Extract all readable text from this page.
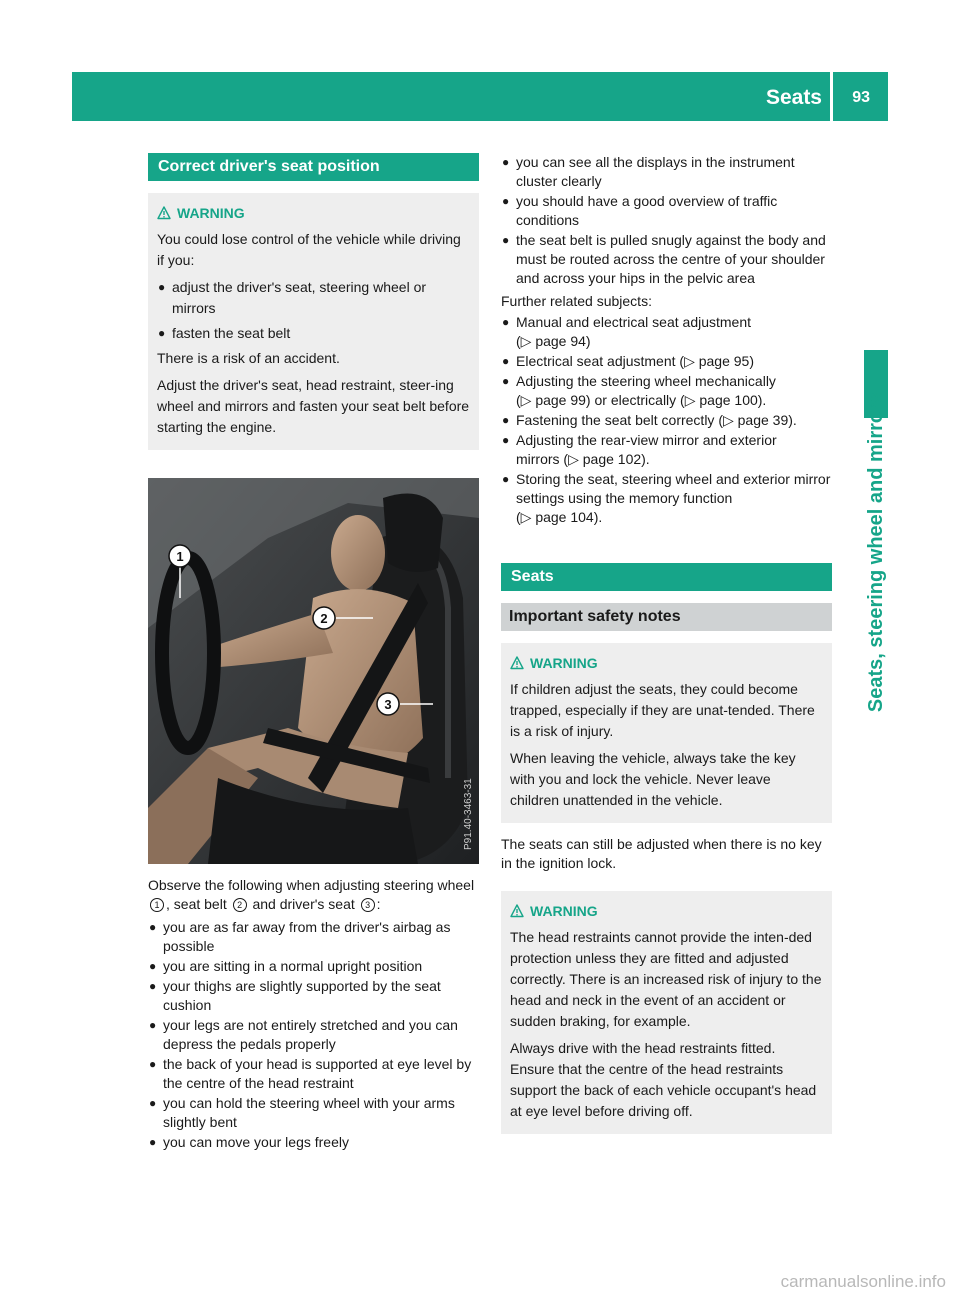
Seats 93
Seats, steering wheel and mirrors
Correct driver's seat position
WARNING

You could lose control of the vehicle while driving if you:

● adjust the driver's seat, steering wheel or mirrors
● fasten the seat belt

There is a risk of an accident.

Adjust the driver's seat, head restraint, steer-ing wheel and mirrors and fasten your seat belt before starting the engine.

1
2
3
P91.40-3463-31

Observe the following when adjusting steering wheel 1 , seat belt 2 and driver's seat 3 :

● you are as far away from the driver's airbag as possible
● you are sitting in a normal upright position
● your thighs are slightly supported by the seat cushion
● your legs are not entirely stretched and you can depress the pedals properly
● the back of your head is supported at eye level by the centre of the head restraint
● you can hold the steering wheel with your arms slightly bent
● you can move your legs freely
● you can see all the displays in the instrument cluster clearly
● you should have a good overview of traffic conditions
● the seat belt is pulled snugly against the body and must be routed across the centre of your shoulder and across your hips in the pelvic area

Further related subjects:

● Manual and electrical seat adjustment
(▷ page 94)
● Electrical seat adjustment (▷ page 95)
● Adjusting the steering wheel mechanically
(▷ page 99) or electrically (▷ page 100).
● Fastening the seat belt correctly (▷ page 39).
● Adjusting the rear-view mirror and exterior
mirrors (▷ page 102).
● Storing the seat, steering wheel and exterior mirror settings using the memory function
(▷ page 104).
Seats
Important safety notes
WARNING

If children adjust the seats, they could become trapped, especially if they are unat-tended. There is a risk of injury.

When leaving the vehicle, always take the key with you and lock the vehicle. Never leave children unattended in the vehicle.

The seats can still be adjusted when there is no key in the ignition lock.

WARNING

The head restraints cannot provide the inten-ded protection unless they are fitted and adjusted correctly. There is an increased risk of injury to the head and neck in the event of an accident or sudden braking, for example.

Always drive with the head restraints fitted. Ensure that the centre of the head restraints support the back of each vehicle occupant's head at eye level before driving off.

carmanualsonline.info
